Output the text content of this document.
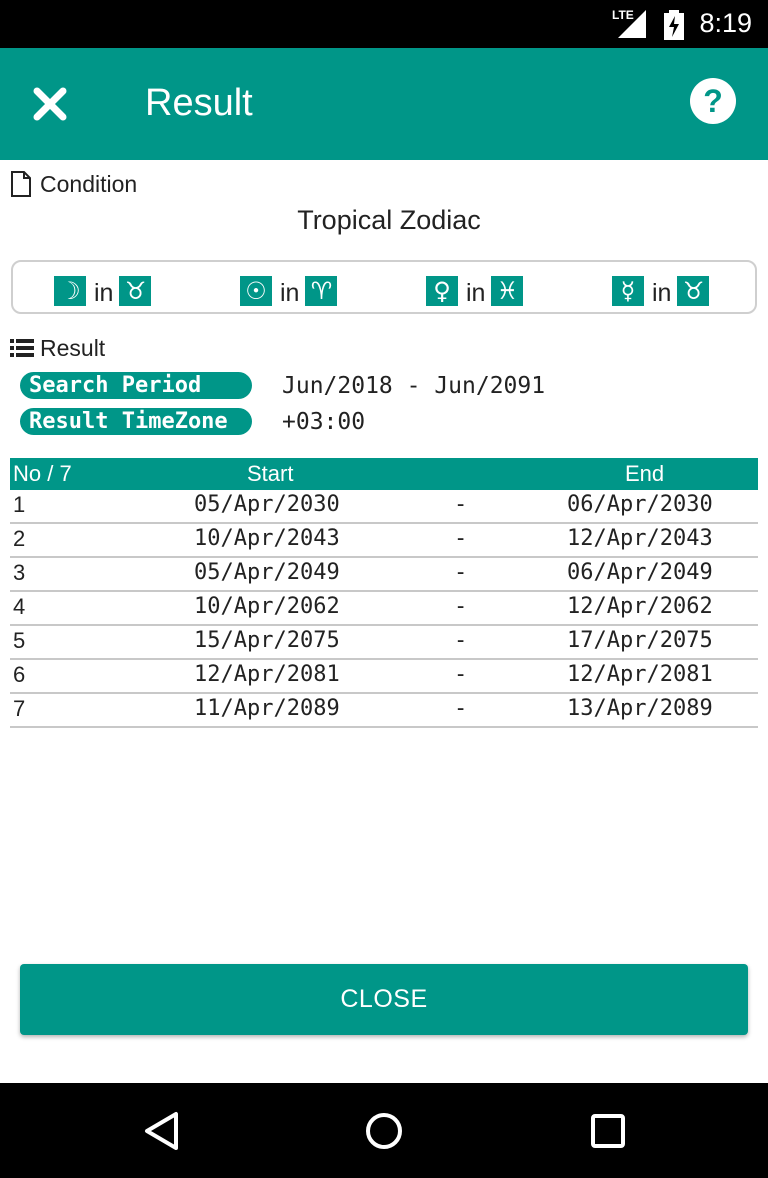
LTE 8:19
Result	?
Condition
Tropical Zodiac
☽ in ♉	☉ in ♈	♀ in ♓	☿ in ♉
Result
Search Period	Jun/2018 - Jun/2091
Result TimeZone	+03:00
No / 7	Start	End
1	05/Apr/2030	-	06/Apr/2030
2	10/Apr/2043	-	12/Apr/2043
3	05/Apr/2049	-	06/Apr/2049
4	10/Apr/2062	-	12/Apr/2062
5	15/Apr/2075	-	17/Apr/2075
6	12/Apr/2081	-	12/Apr/2081
7	11/Apr/2089	-	13/Apr/2089
CLOSE
